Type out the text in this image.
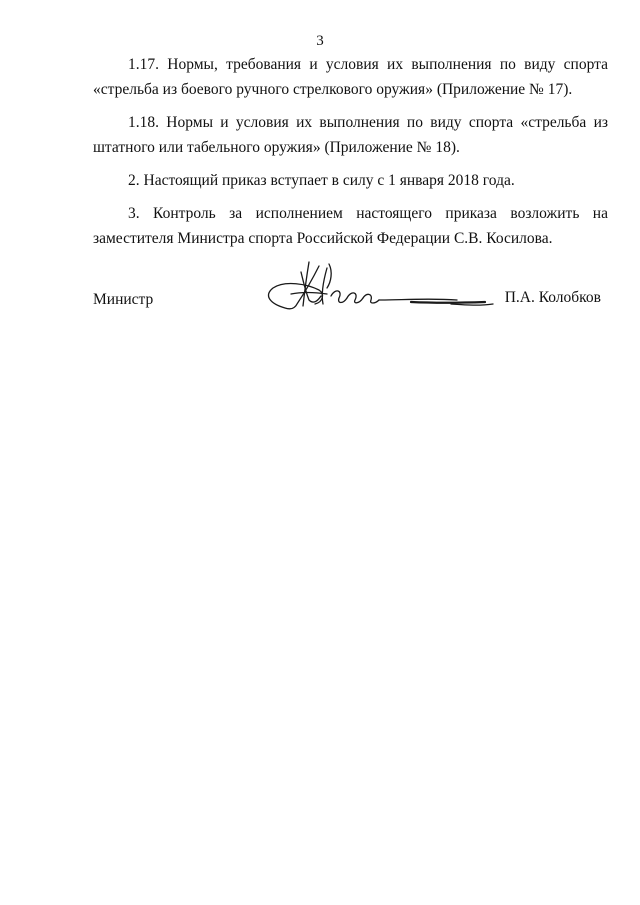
3

1.17. Нормы, требования и условия их выполнения по виду спорта «стрельба из боевого ручного стрелкового оружия» (Приложение № 17).

1.18. Нормы и условия их выполнения по виду спорта «стрельба из штатного или табельного оружия» (Приложение № 18).

2. Настоящий приказ вступает в силу с 1 января 2018 года.

3. Контроль за исполнением настоящего приказа возложить на заместителя Министра спорта Российской Федерации С.В. Косилова.

Министр	П.А. Колобков
